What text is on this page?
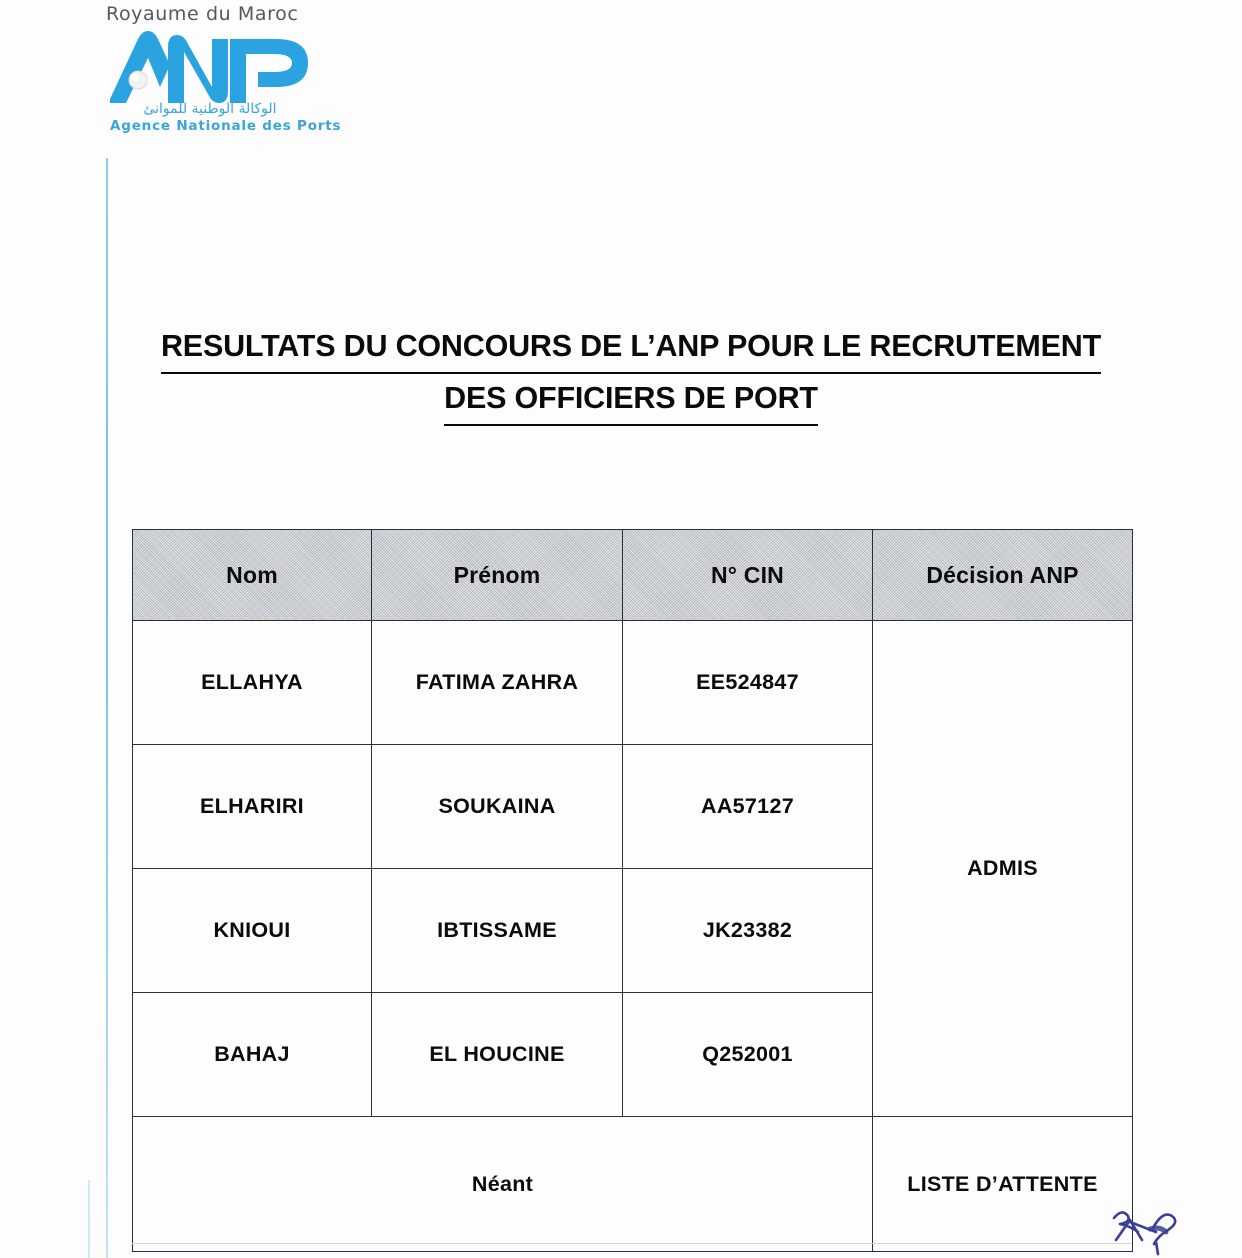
Royaume du Maroc
الوكالة الوطنية للموانئ
Agence Nationale des Ports
RESULTATS DU CONCOURS DE L’ANP POUR LE RECRUTEMENT
DES OFFICIERS DE PORT
Nom	Prénom	N° CIN	Décision ANP
ELLAHYA	FATIMA ZAHRA	EE524847	ADMIS
ELHARIRI	SOUKAINA	AA57127	
KNIOUI	IBTISSAME	JK23382	
BAHAJ	EL HOUCINE	Q252001	
Néant			LISTE D’ATTENTE
